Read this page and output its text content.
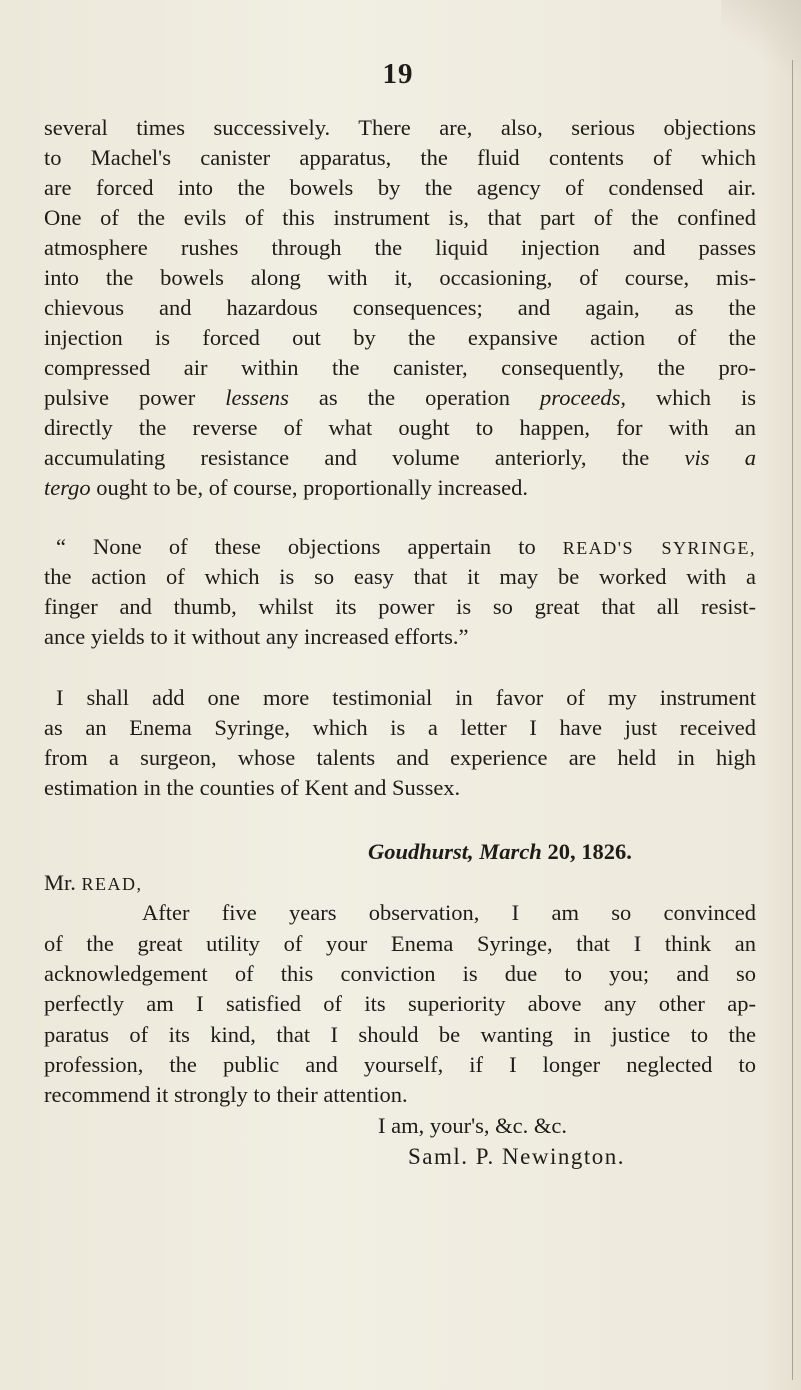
19
several times successively. There are, also, serious objections
to Machel's canister apparatus, the fluid contents of which
are forced into the bowels by the agency of condensed air.
One of the evils of this instrument is, that part of the confined
atmosphere rushes through the liquid injection and passes
into the bowels along with it, occasioning, of course, mis-
chievous and hazardous consequences; and again, as the
injection is forced out by the expansive action of the
compressed air within the canister, consequently, the pro-
pulsive power lessens as the operation proceeds, which is
directly the reverse of what ought to happen, for with an
accumulating resistance and volume anteriorly, the vis a
tergo ought to be, of course, proportionally increased.
“ None of these objections appertain to READ'S SYRINGE,
the action of which is so easy that it may be worked with a
finger and thumb, whilst its power is so great that all resist-
ance yields to it without any increased efforts.”
I shall add one more testimonial in favor of my instrument
as an Enema Syringe, which is a letter I have just received
from a surgeon, whose talents and experience are held in high
estimation in the counties of Kent and Sussex.
Goudhurst, March 20, 1826.
Mr. READ,
After five years observation, I am so convinced
of the great utility of your Enema Syringe, that I think an
acknowledgement of this conviction is due to you; and so
perfectly am I satisfied of its superiority above any other ap-
paratus of its kind, that I should be wanting in justice to the
profession, the public and yourself, if I longer neglected to
recommend it strongly to their attention.
I am, your's, &c. &c.
Saml. P. Newington.
